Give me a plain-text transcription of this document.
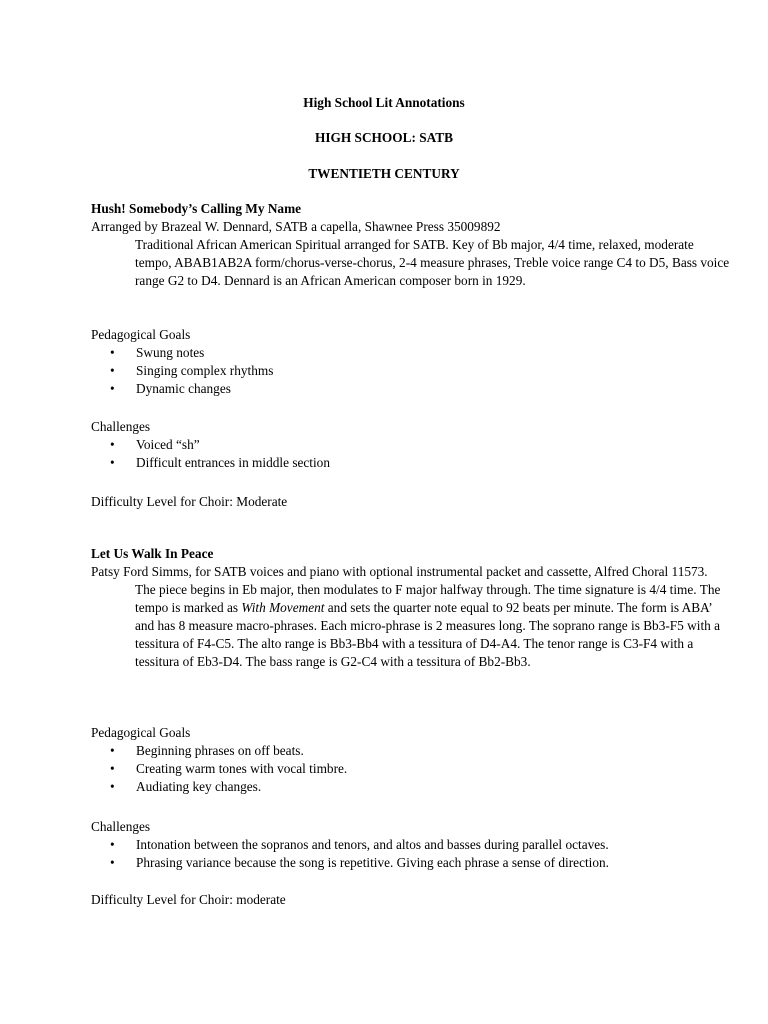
High School Lit Annotations
HIGH SCHOOL: SATB
TWENTIETH CENTURY
Hush! Somebody’s Calling My Name
Arranged by Brazeal W. Dennard, SATB a capella, Shawnee Press 35009892

Traditional African American Spiritual arranged for SATB. Key of Bb major, 4/4 time, relaxed, moderate tempo, ABAB1AB2A form/chorus-verse-chorus, 2-4 measure phrases, Treble voice range C4 to D5, Bass voice range G2 to D4. Dennard is an African American composer born in 1929.

Pedagogical Goals
• Swung notes
• Singing complex rhythms
• Dynamic changes
Challenges
• Voiced “sh”
• Difficult entrances in middle section
Difficulty Level for Choir: Moderate
Let Us Walk In Peace
Patsy Ford Simms, for SATB voices and piano with optional instrumental packet and cassette, Alfred Choral 11573.

The piece begins in Eb major, then modulates to F major halfway through. The time signature is 4/4 time. The tempo is marked as With Movement and sets the quarter note equal to 92 beats per minute. The form is ABA’ and has 8 measure macro-phrases. Each micro-phrase is 2 measures long. The soprano range is Bb3-F5 with a tessitura of F4-C5. The alto range is Bb3-Bb4 with a tessitura of D4-A4. The tenor range is C3-F4 with a tessitura of Eb3-D4. The bass range is G2-C4 with a tessitura of Bb2-Bb3.

Pedagogical Goals
• Beginning phrases on off beats.
• Creating warm tones with vocal timbre.
• Audiating key changes.
Challenges
• Intonation between the sopranos and tenors, and altos and basses during parallel octaves.
• Phrasing variance because the song is repetitive. Giving each phrase a sense of direction.
Difficulty Level for Choir: moderate
